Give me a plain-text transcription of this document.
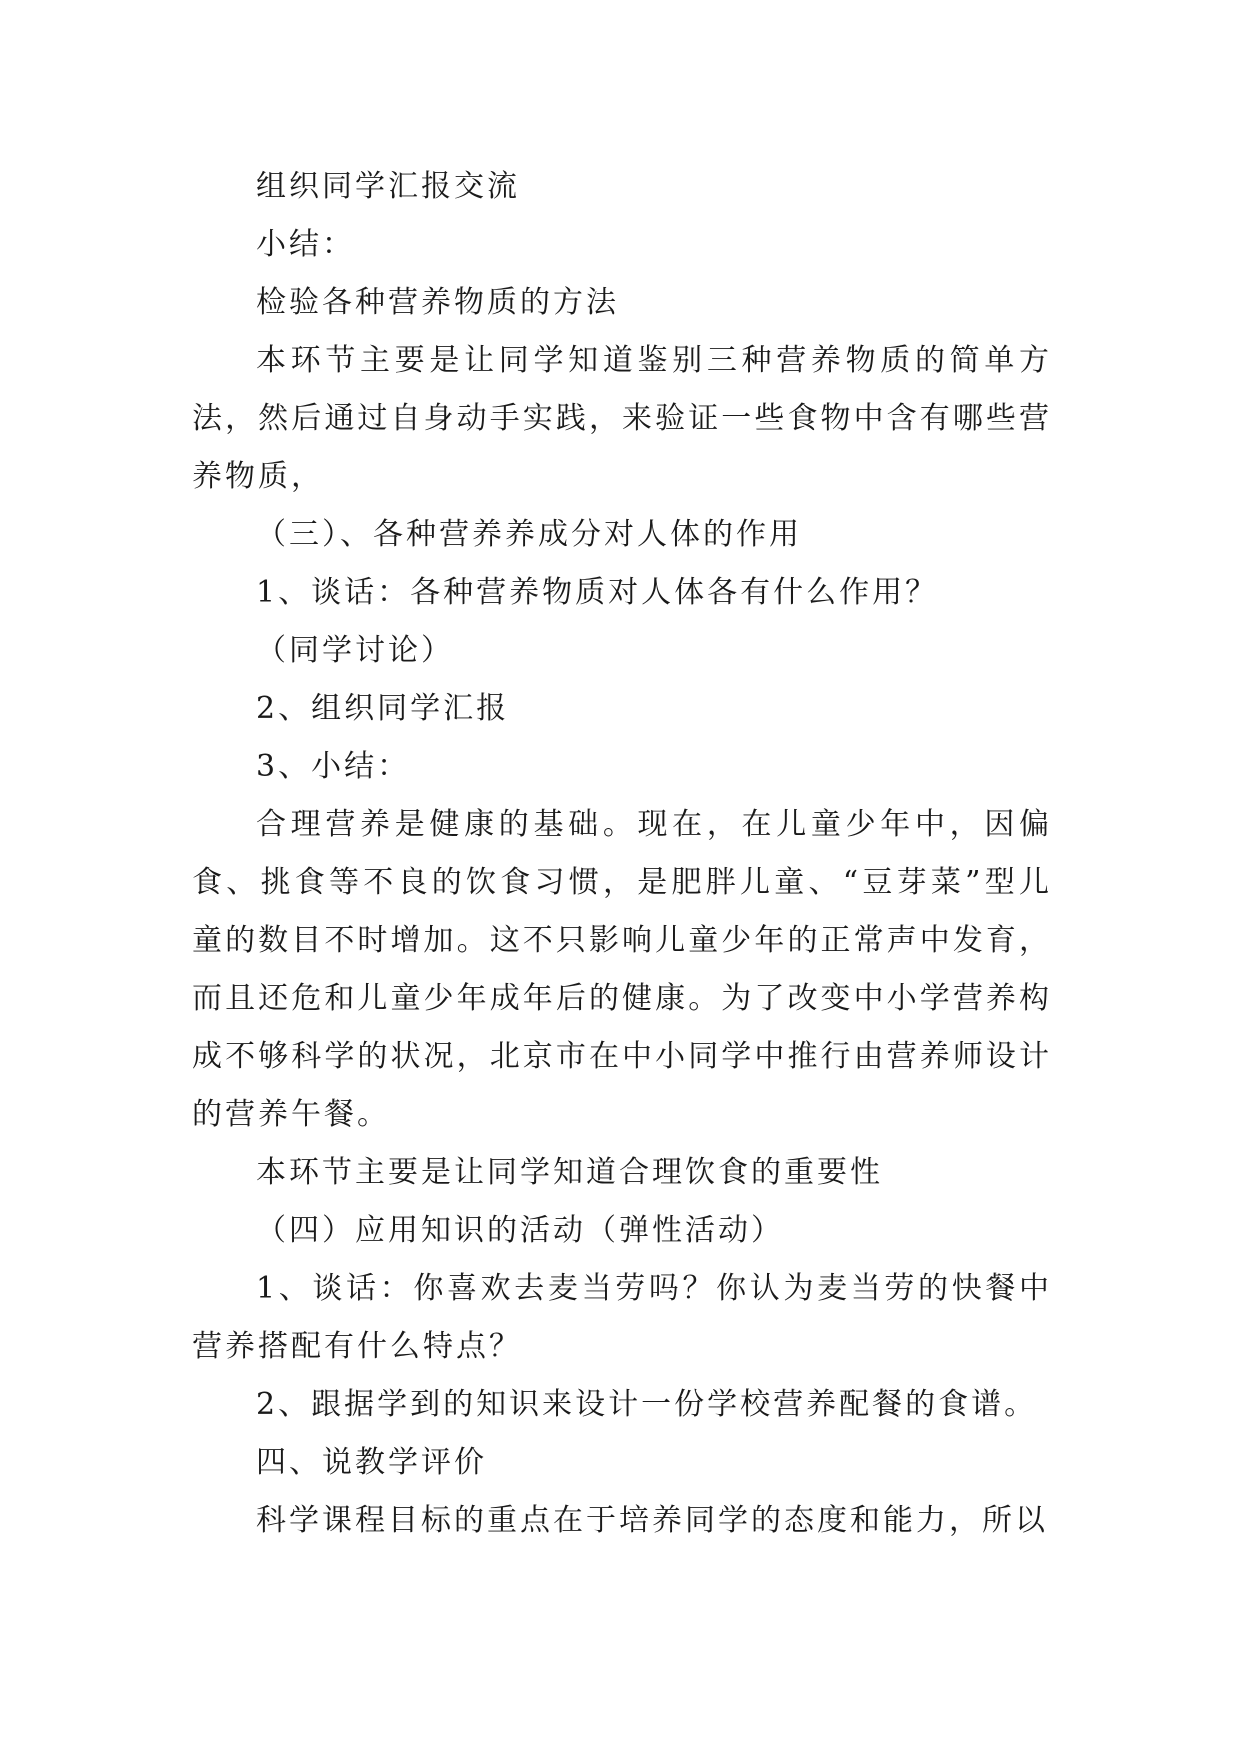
组织同学汇报交流

小结：

检验各种营养物质的方法

本环节主要是让同学知道鉴别三种营养物质的简单方法，然后通过自身动手实践，来验证一些食物中含有哪些营养物质，

（三）、各种营养养成分对人体的作用

1、谈话：各种营养物质对人体各有什么作用？

（同学讨论）

2、组织同学汇报

3、小结：

合理营养是健康的基础。现在，在儿童少年中，因偏食、挑食等不良的饮食习惯，是肥胖儿童、“豆芽菜”型儿童的数目不时增加。这不只影响儿童少年的正常声中发育，而且还危和儿童少年成年后的健康。为了改变中小学营养构成不够科学的状况，北京市在中小同学中推行由营养师设计的营养午餐。

本环节主要是让同学知道合理饮食的重要性

（四）应用知识的活动（弹性活动）

1、谈话：你喜欢去麦当劳吗？你认为麦当劳的快餐中营养搭配有什么特点？

2、跟据学到的知识来设计一份学校营养配餐的食谱。

四、说教学评价

科学课程目标的重点在于培养同学的态度和能力，所以
